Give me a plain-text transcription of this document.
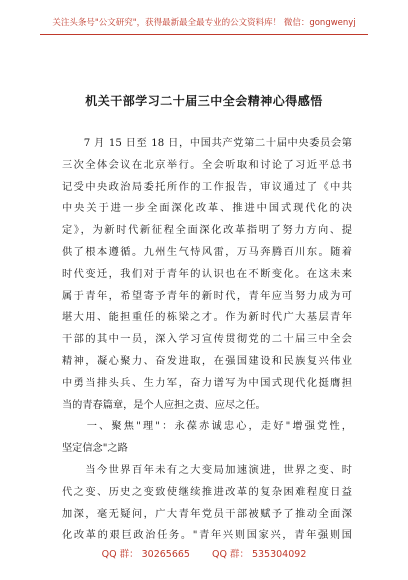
关注头条号"公文研究"，获得最新最全最专业的公文资料库！ 微信：gongwenyj
机关干部学习二十届三中全会精神心得感悟
　　7 月 15 日至 18 日，中国共产党第二十届中央委员会第
三次全体会议在北京举行。全会听取和讨论了习近平总书
记受中央政治局委托所作的工作报告，审议通过了《中共
中央关于进一步全面深化改革、推进中国式现代化的决
定》，为新时代新征程全面深化改革指明了努力方向、提
供了根本遵循。九州生气恃风雷，万马奔腾百川东。随着
时代变迁，我们对于青年的认识也在不断变化。在这未来
属于青年，希望寄予青年的新时代，青年应当努力成为可
堪大用、能担重任的栋梁之才。作为新时代广大基层青年
干部的其中一员，深入学习宣传贯彻党的二十届三中全会
精神，凝心聚力、奋发进取，在强国建设和民族复兴伟业
中勇当排头兵、生力军，奋力谱写为中国式现代化挺膺担
当的青春篇章，是个人应担之责、应尽之任。
　　一、聚焦"理"：永葆赤诚忠心，走好"增强党性，
坚定信念"之路
　　当今世界百年未有之大变局加速演进，世界之变、时
代之变、历史之变致使继续推进改革的复杂困难程度日益
加深，毫无疑问，广大青年党员干部被赋予了推动全面深
化改革的艰巨政治任务。"青年兴则国家兴，青年强则国
QQ 群： 30265665 QQ 群： 535304092
